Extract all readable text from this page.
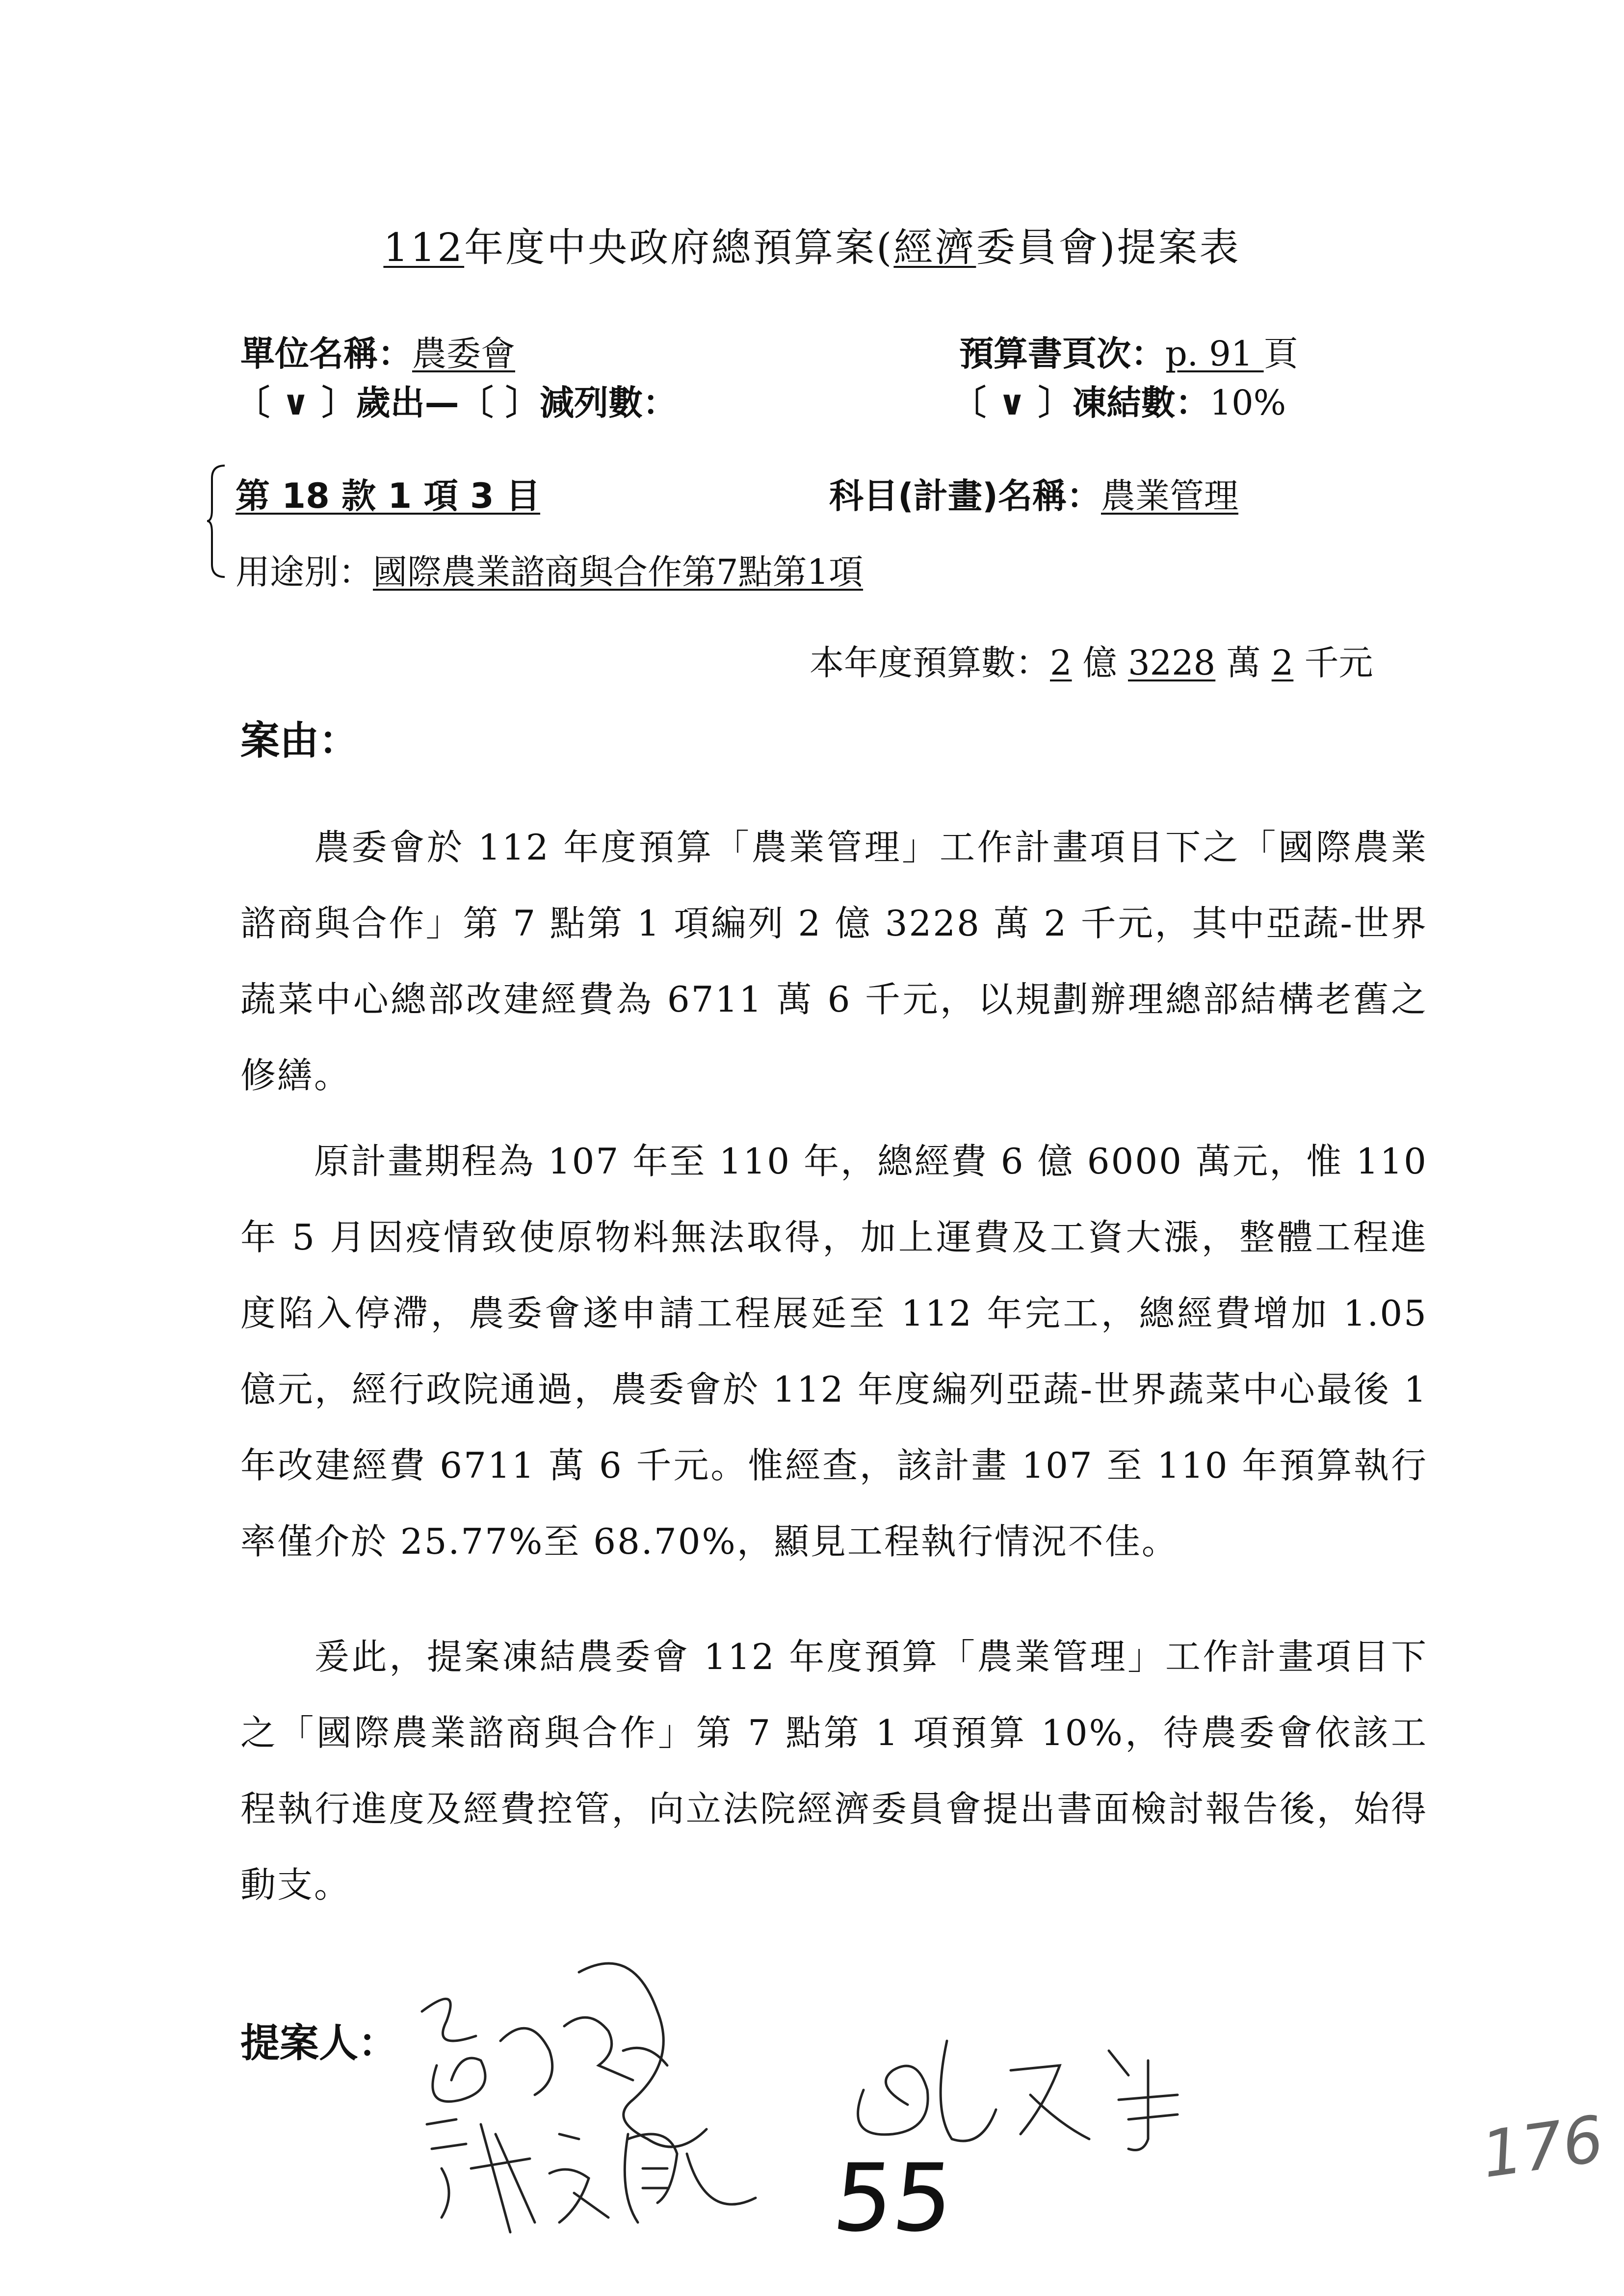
112年度中央政府總預算案(經濟委員會)提案表
單位名稱：農委會	預算書頁次：p. 91 頁
〔 ∨ 〕歲出—〔 〕減列數：	〔 ∨ 〕凍結數：10%
第 18 款 1 項 3 目	科目(計畫)名稱：農業管理
用途別：國際農業諮商與合作第7點第1項
本年度預算數：2 億 3228 萬 2 千元
案由：

農委會於 112 年度預算「農業管理」工作計畫項目下之「國際農業諮商與合作」第 7 點第 1 項編列 2 億 3228 萬 2 千元，其中亞蔬-世界蔬菜中心總部改建經費為 6711 萬 6 千元，以規劃辦理總部結構老舊之修繕。

原計畫期程為 107 年至 110 年，總經費 6 億 6000 萬元，惟 110 年 5 月因疫情致使原物料無法取得，加上運費及工資大漲，整體工程進度陷入停滯，農委會遂申請工程展延至 112 年完工，總經費增加 1.05 億元，經行政院通過，農委會於 112 年度編列亞蔬-世界蔬菜中心最後 1 年改建經費 6711 萬 6 千元。惟經查，該計畫 107 至 110 年預算執行率僅介於 25.77%至 68.70%，顯見工程執行情況不佳。

爰此，提案凍結農委會 112 年度預算「農業管理」工作計畫項目下之「國際農業諮商與合作」第 7 點第 1 項預算 10%，待農委會依該工程執行進度及經費控管，向立法院經濟委員會提出書面檢討報告後，始得動支。

提案人：
55	176
